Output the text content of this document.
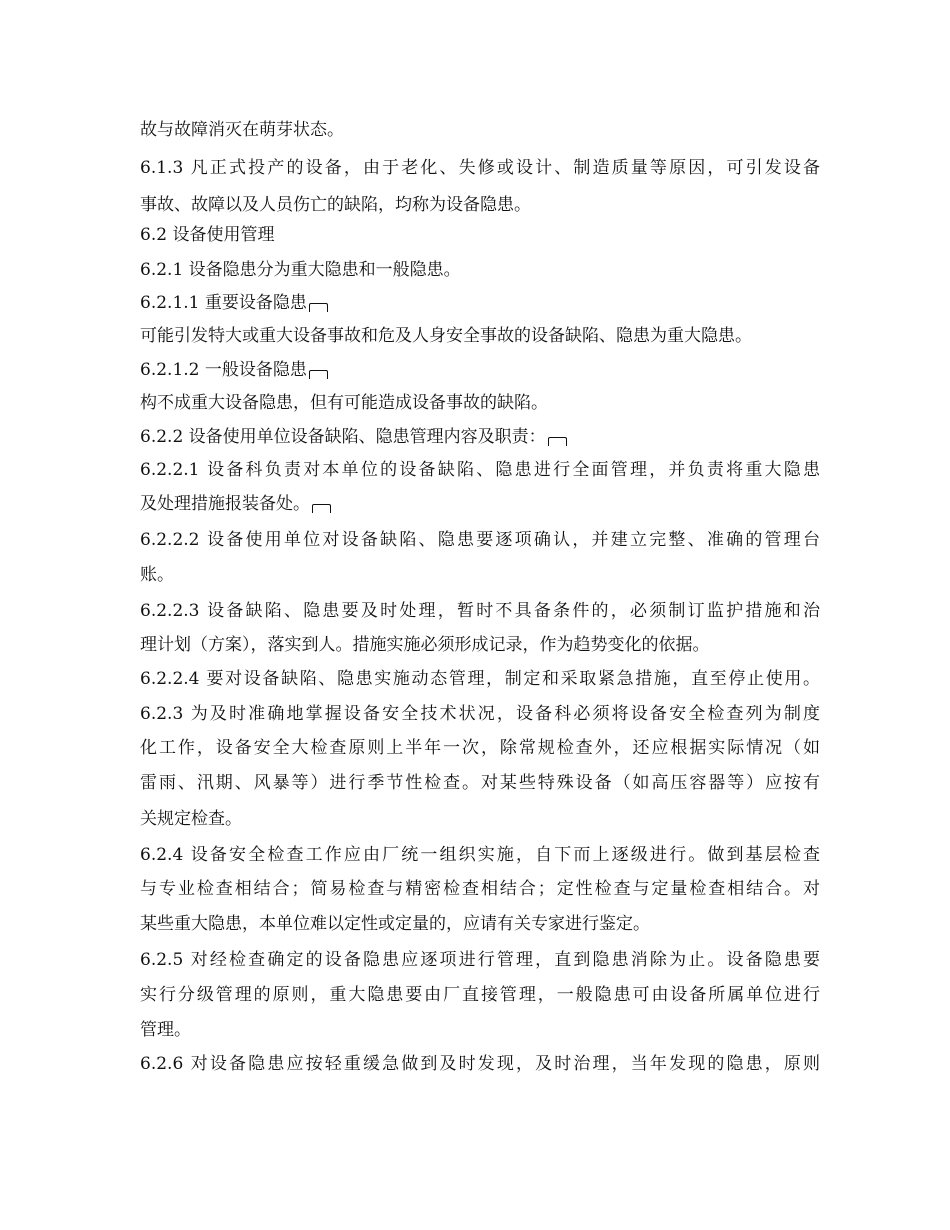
故与故障消灭在萌芽状态。
6.1.3 凡正式投产的设备，由于老化、失修或设计、制造质量等原因，可引发设备
事故、故障以及人员伤亡的缺陷，均称为设备隐患。
6.2 设备使用管理
6.2.1 设备隐患分为重大隐患和一般隐患。
6.2.1.1 重要设备隐患
可能引发特大或重大设备事故和危及人身安全事故的设备缺陷、隐患为重大隐患。
6.2.1.2 一般设备隐患
构不成重大设备隐患，但有可能造成设备事故的缺陷。
6.2.2 设备使用单位设备缺陷、隐患管理内容及职责：
6.2.2.1 设备科负责对本单位的设备缺陷、隐患进行全面管理，并负责将重大隐患
及处理措施报装备处。
6.2.2.2 设备使用单位对设备缺陷、隐患要逐项确认，并建立完整、准确的管理台
账。
6.2.2.3 设备缺陷、隐患要及时处理，暂时不具备条件的，必须制订监护措施和治
理计划（方案），落实到人。措施实施必须形成记录，作为趋势变化的依据。
6.2.2.4 要对设备缺陷、隐患实施动态管理，制定和采取紧急措施，直至停止使用。
6.2.3 为及时准确地掌握设备安全技术状况，设备科必须将设备安全检查列为制度
化工作，设备安全大检查原则上半年一次，除常规检查外，还应根据实际情况（如
雷雨、汛期、风暴等）进行季节性检查。对某些特殊设备（如高压容器等）应按有
关规定检查。
6.2.4 设备安全检查工作应由厂统一组织实施，自下而上逐级进行。做到基层检查
与专业检查相结合；简易检查与精密检查相结合；定性检查与定量检查相结合。对
某些重大隐患，本单位难以定性或定量的，应请有关专家进行鉴定。
6.2.5 对经检查确定的设备隐患应逐项进行管理，直到隐患消除为止。设备隐患要
实行分级管理的原则，重大隐患要由厂直接管理，一般隐患可由设备所属单位进行
管理。
6.2.6 对设备隐患应按轻重缓急做到及时发现，及时治理，当年发现的隐患，原则
